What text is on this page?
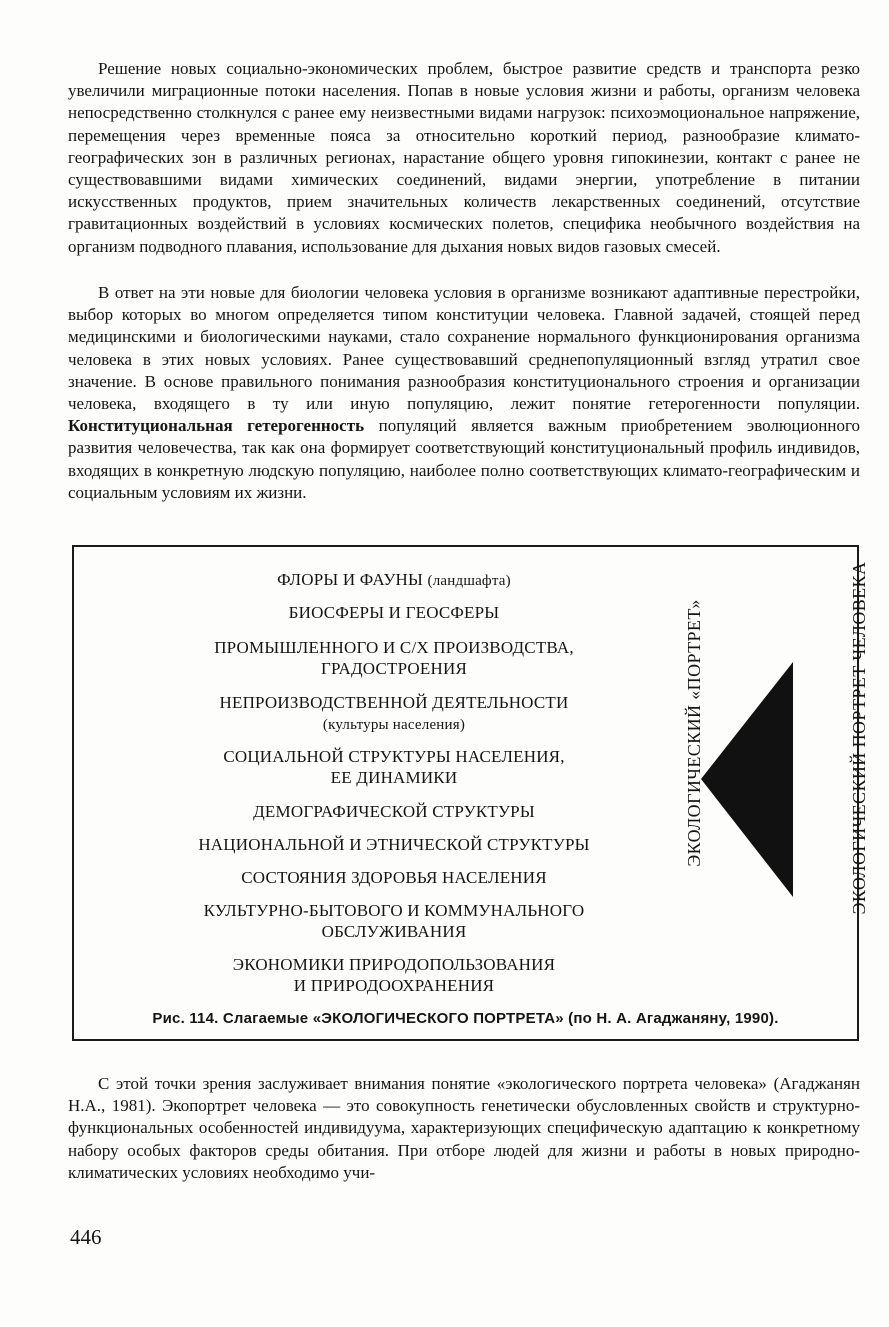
Решение новых социально-экономических проблем, быстрое развитие средств и транспорта резко увеличили миграционные потоки населения. Попав в новые условия жизни и работы, организм человека непосредственно столкнулся с ранее ему неизвестными видами нагрузок: психоэмоциональное напряжение, перемещения через временные пояса за относительно короткий период, разнообразие климато-географических зон в различных регионах, нарастание общего уровня гипокинезии, контакт с ранее не существовавшими видами химических соединений, видами энергии, употребление в питании искусственных продуктов, прием значительных количеств лекарственных соединений, отсутствие гравитационных воздействий в условиях космических полетов, специфика необычного воздействия на организм подводного плавания, использование для дыхания новых видов газовых смесей.

В ответ на эти новые для биологии человека условия в организме возникают адаптивные перестройки, выбор которых во многом определяется типом конституции человека. Главной задачей, стоящей перед медицинскими и биологическими науками, стало сохранение нормального функционирования организма человека в этих новых условиях. Ранее существовавший среднепопуляционный взгляд утратил свое значение. В основе правильного понимания разнообразия конституционального строения и организации человека, входящего в ту или иную популяцию, лежит понятие гетерогенности популяции. Конституциональная гетерогенность популяций является важным приобретением эволюционного развития человечества, так как она формирует соответствующий конституциональный профиль индивидов, входящих в конкретную людскую популяцию, наиболее полно соответствующих климато-географическим и социальным условиям их жизни.

ФЛОРЫ И ФАУНЫ (ландшафта)
БИОСФЕРЫ И ГЕОСФЕРЫ
ПРОМЫШЛЕННОГО И С/Х ПРОИЗВОДСТВА,
ГРАДОСТРОЕНИЯ
НЕПРОИЗВОДСТВЕННОЙ ДЕЯТЕЛЬНОСТИ
(культуры населения)
СОЦИАЛЬНОЙ СТРУКТУРЫ НАСЕЛЕНИЯ,
ЕЕ ДИНАМИКИ
ДЕМОГРАФИЧЕСКОЙ СТРУКТУРЫ
НАЦИОНАЛЬНОЙ И ЭТНИЧЕСКОЙ СТРУКТУРЫ
СОСТОЯНИЯ ЗДОРОВЬЯ НАСЕЛЕНИЯ
КУЛЬТУРНО-БЫТОВОГО И КОММУНАЛЬНОГО
ОБСЛУЖИВАНИЯ
ЭКОНОМИКИ ПРИРОДОПОЛЬЗОВАНИЯ
И ПРИРОДООХРАНЕНИЯ
ЭКОЛОГИЧЕСКИЙ «ПОРТРЕТ»	ЭКОЛОГИЧЕСКИЙ ПОРТРЕТ ЧЕЛОВЕКА
Рис. 114. Слагаемые «ЭКОЛОГИЧЕСКОГО ПОРТРЕТА» (по Н. А. Агаджаняну, 1990).

С этой точки зрения заслуживает внимания понятие «экологического портрета человека» (Агаджанян Н.А., 1981). Экопортрет человека — это совокупность генетически обусловленных свойств и структурно-функциональных особенностей индивидуума, характеризующих специфическую адаптацию к конкретному набору особых факторов среды обитания. При отборе людей для жизни и работы в новых природно-климатических условиях необходимо учи-

446
